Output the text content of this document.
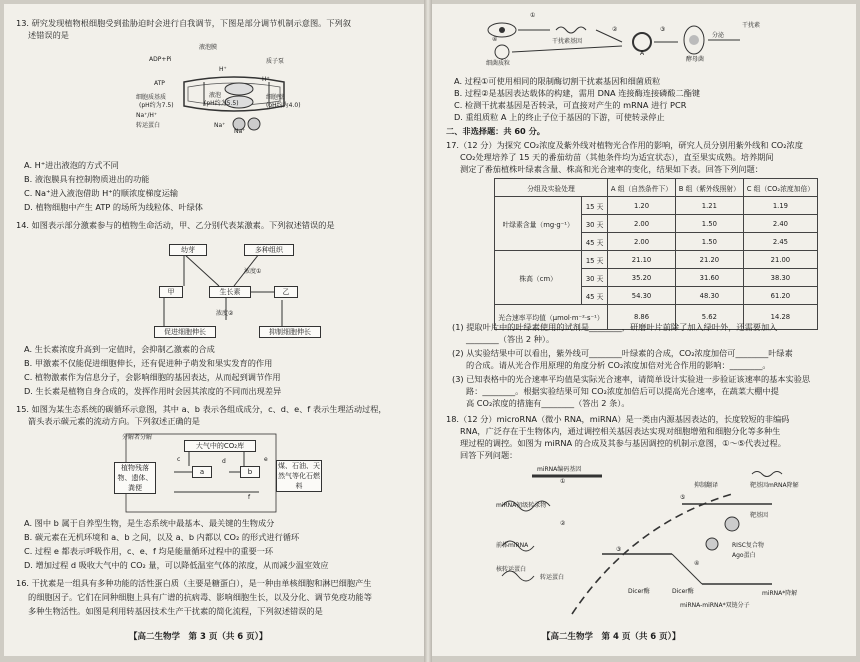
13. 研究发现植物根细胞受到盐胁迫时会进行自我调节，下图是部分调节机制示意图。下列叙
述错误的是
液泡膜
ADP+Pi	质子泵
H⁺
ATP
H⁺
细胞质基质
(pH约为7.5)
液泡
(pH约为5.5)
细胞壁
(pH约为4.0)
Na⁺/H⁺
转运蛋白	Na⁺
Na⁺
A. H⁺进出液泡的方式不同
B. 液泡膜具有控制物质进出的功能
C. Na⁺进入液泡借助 H⁺的顺浓度梯度运输
D. 植物细胞中产生 ATP 的场所为线粒体、叶绿体
14. 如图表示部分激素参与的植物生命活动，甲、乙分别代表某激素。下列叙述错误的是
幼芽	多种组织
浓度①
甲	生长素	乙
浓度②
促进细胞伸长	抑制细胞伸长
A. 生长素浓度升高到一定值时，会抑制乙激素的合成
B. 甲激素不仅能促进细胞伸长，还有促进种子萌发和果实发育的作用
C. 植物激素作为信息分子，会影响细胞的基因表达，从而起到调节作用
D. 生长素是植物自身合成的，发挥作用时会因其浓度的不同而出现差异
15. 如图为某生态系统的碳循环示意图，其中 a、b 表示各组成成分，c、d、e、f 表示生理活动过程，
箭头表示碳元素的流动方向。下列叙述正确的是
分解者分解
大气中的CO₂库
植物残落物、遗体、粪便
a	b
煤、石油、天然气等化石燃料
c	d	e
f
A. 图中 b 属于自养型生物，是生态系统中最基本、最关键的生物成分
B. 碳元素在无机环境和 a、b 之间，以及 a、b 内都以 CO₂ 的形式进行循环
C. 过程 e 都表示呼吸作用，c、e、f 均是能量循环过程中的重要一环
D. 增加过程 d 吸收大气中的 CO₂ 量，可以降低温室气体的浓度，从而减少温室效应
16. 干扰素是一组具有多种功能的活性蛋白质（主要是糖蛋白），是一种由单核细胞和淋巴细胞产生
的细胞因子。它们在同种细胞上具有广谱的抗病毒、影响细胞生长，以及分化、调节免疫功能等
多种生物活性。如图是利用转基因技术生产干扰素的简化流程，下列叙述错误的是
【高二生物学　第 3 页（共 6 页）】
①
②	③
④	干扰素基因
细菌质粒
A
酵母菌
分泌
干扰素
A. 过程①可使用相同的限制酶切割干扰素基因和细菌质粒
B. 过程②是基因表达载体的构建，需用 DNA 连接酶连接磷酸二酯键
C. 检测干扰素基因是否转录，可直接对产生的 mRNA 进行 PCR
D. 重组质粒 A 上的终止子位于基因的下游，可使转录停止
二、非选择题：共 60 分。
17.（12 分）为探究 CO₂浓度及紫外线对植物光合作用的影响，研究人员分别用紫外线和 CO₂浓度
CO₂处理培养了 15 天的番茄幼苗（其他条件均为适宜状态），直至果实成熟。培养期间
测定了番茄植株叶绿素含量、株高和光合速率的变化，结果如下表。回答下列问题：
分组及实验处理		A 组（自然条件下）	B 组（紫外线照射）	C 组（CO₂浓度加倍）
叶绿素含量（mg·g⁻¹）	15 天	1.20	1.21	1.19
	30 天	2.00	1.50	2.40
	45 天	2.00	1.50	2.45
株高（cm）	15 天	21.10	21.20	21.00
	30 天	35.20	31.60	38.30
	45 天	54.30	48.30	61.20
光合速率平均值（μmol·m⁻²·s⁻¹）		8.86	5.62	14.28
(1) 提取叶片中的叶绿素使用的试剂是________，研磨叶片前除了加入绿叶外，还需要加入
________（答出 2 种）。
(2) 从实验结果中可以看出，紫外线可________叶绿素的合成，CO₂浓度加倍可________叶绿素
的合成。请从光合作用原理的角度分析 CO₂浓度加倍对光合作用的影响：________。
(3) 已知表格中的光合速率平均值是实际光合速率，请简单设计实验进一步验证该速率的基本实验思
路：________。根据实验结果可知 CO₂浓度加倍后可以提高光合速率，在蔬菜大棚中提
高 CO₂浓度的措施有________（答出 2 条）。
18.（12 分）microRNA（微小 RNA，miRNA）是一类由内源基因表达的，长度较短的非编码
RNA，广泛存在于生物体内，通过调控相关基因表达实现对细胞增殖和细胞分化等多种生
理过程的调控。如图为 miRNA 的合成及其参与基因调控的机制示意图，①～⑤代表过程。
回答下列问题：
miRNA编码基因
①
miRNA初级转录物
②
前体miRNA
核转运蛋白
转运蛋白
抑制翻译	靶基因mRNA降解
⑤
靶基因
RISC复合物
Ago蛋白
④
③
Dicer酶	Dicer酶
miRNA-miRNA*双链分子
miRNA*降解
【高二生物学　第 4 页（共 6 页）】
